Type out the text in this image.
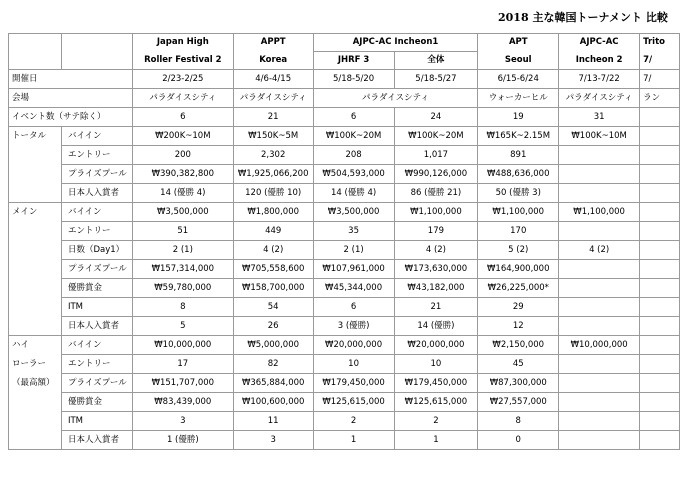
2018 主な韓国トーナメント 比較
		Japan High	APPT	AJPC-AC Incheon1		APT	AJPC-AC	Trito
		Roller Festival 2	Korea	JHRF 3	全体	Seoul	Incheon 2	7/
開催日		2/23-2/25	4/6-4/15	5/18-5/20	5/18-5/27	6/15-6/24	7/13-7/22	7/
会場		パラダイスシティ	パラダイスシティ	パラダイスシティ		ウォーカーヒル	パラダイスシティ	ラン
イベント数（サテ除く）		6	21	6	24	19	31	
トータル	バイイン	₩200K~10M	₩150K~5M	₩100K~20M	₩100K~20M	₩165K~2.15M	₩100K~10M	
	エントリー	200	2,302	208	1,017	891		
	プライズプール	₩390,382,800	₩1,925,066,200	₩504,593,000	₩990,126,000	₩488,636,000		
	日本人入賞者	14 (優勝 4)	120 (優勝 10)	14 (優勝 4)	86 (優勝 21)	50 (優勝 3)		
メイン	バイイン	₩3,500,000	₩1,800,000	₩3,500,000	₩1,100,000	₩1,100,000	₩1,100,000	
	エントリー	51	449	35	179	170		
	日数（Day1）	2 (1)	4 (2)	2 (1)	4 (2)	5 (2)	4 (2)	
	プライズプール	₩157,314,000	₩705,558,600	₩107,961,000	₩173,630,000	₩164,900,000		
	優勝賞金	₩59,780,000	₩158,700,000	₩45,344,000	₩43,182,000	₩26,225,000*		
	ITM	8	54	6	21	29		
	日本人入賞者	5	26	3 (優勝)	14 (優勝)	12		
ハイ	バイイン	₩10,000,000	₩5,000,000	₩20,000,000	₩20,000,000	₩2,150,000	₩10,000,000	
ローラー	エントリー	17	82	10	10	45		
（最高額）	プライズプール	₩151,707,000	₩365,884,000	₩179,450,000	₩179,450,000	₩87,300,000		
	優勝賞金	₩83,439,000	₩100,600,000	₩125,615,000	₩125,615,000	₩27,557,000		
	ITM	3	11	2	2	8		
	日本人入賞者	1 (優勝)	3	1	1	0		
